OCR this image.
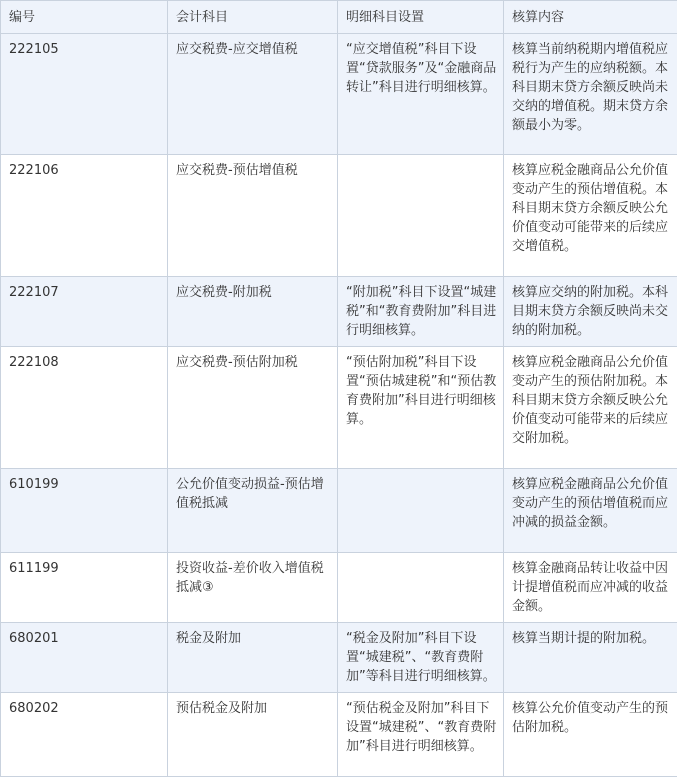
编号	会计科目	明细科目设置	核算内容
222105	应交税费-应交增值税	“应交增值税”科目下设置“贷款服务”及“金融商品转让”科目进行明细核算。	核算当前纳税期内增值税应税行为产生的应纳税额。本科目期末贷方余额反映尚未交纳的增值税。期末贷方余额最小为零。
222106	应交税费-预估增值税		核算应税金融商品公允价值变动产生的预估增值税。本科目期末贷方余额反映公允价值变动可能带来的后续应交增值税。
222107	应交税费-附加税	“附加税”科目下设置“城建税”和“教育费附加”科目进行明细核算。	核算应交纳的附加税。本科目期末贷方余额反映尚未交纳的附加税。
222108	应交税费-预估附加税	“预估附加税”科目下设置“预估城建税”和“预估教育费附加”科目进行明细核算。	核算应税金融商品公允价值变动产生的预估附加税。本科目期末贷方余额反映公允价值变动可能带来的后续应交附加税。
610199	公允价值变动损益-预估增值税抵减		核算应税金融商品公允价值变动产生的预估增值税而应冲减的损益金额。
611199	投资收益-差价收入增值税抵减③		核算金融商品转让收益中因计提增值税而应冲减的收益金额。
680201	税金及附加	“税金及附加”科目下设置“城建税”、“教育费附加”等科目进行明细核算。	核算当期计提的附加税。
680202	预估税金及附加	“预估税金及附加”科目下设置“城建税”、“教育费附加”科目进行明细核算。	核算公允价值变动产生的预估附加税。
